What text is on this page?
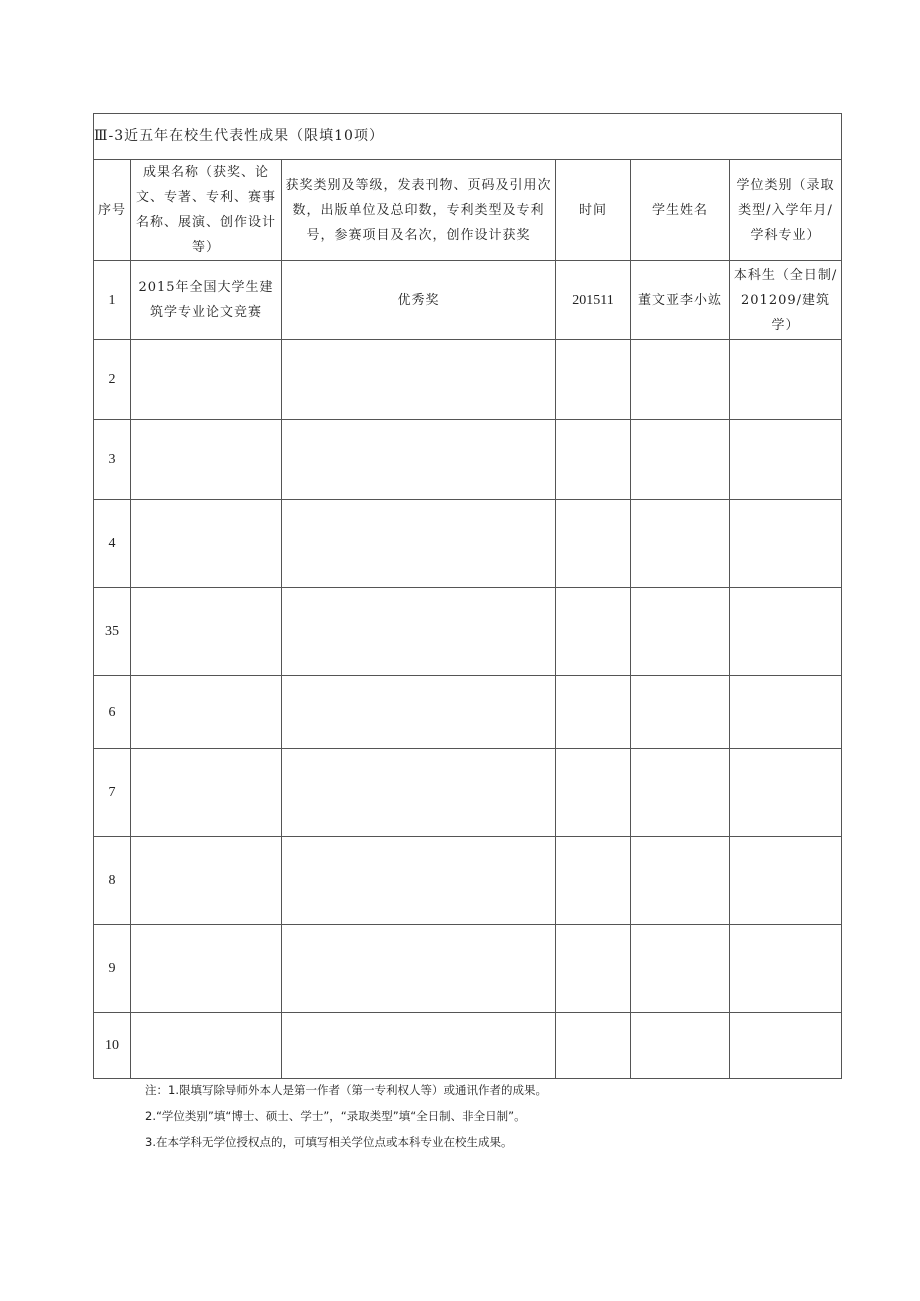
Ⅲ-3近五年在校生代表性成果（限填10项）					
序号	成果名称（获奖、论文、专著、专利、赛事名称、展演、创作设计等）	获奖类别及等级，发表刊物、页码及引用次数，出版单位及总印数，专利类型及专利号，参赛项目及名次，创作设计获奖	时间	学生姓名	学位类别（录取类型/入学年月/学科专业）
1	2015年全国大学生建筑学专业论文竞赛	优秀奖	201511	董文亚李小竑	本科生（全日制/201209/建筑学）
2					
3					
4					
35					
6					
7					
8					
9					
10					
注：1.限填写除导师外本人是第一作者（第一专利权人等）或通讯作者的成果。
2.“学位类别”填“博士、硕士、学士”，“录取类型”填“全日制、非全日制”。
3.在本学科无学位授权点的，可填写相关学位点或本科专业在校生成果。
